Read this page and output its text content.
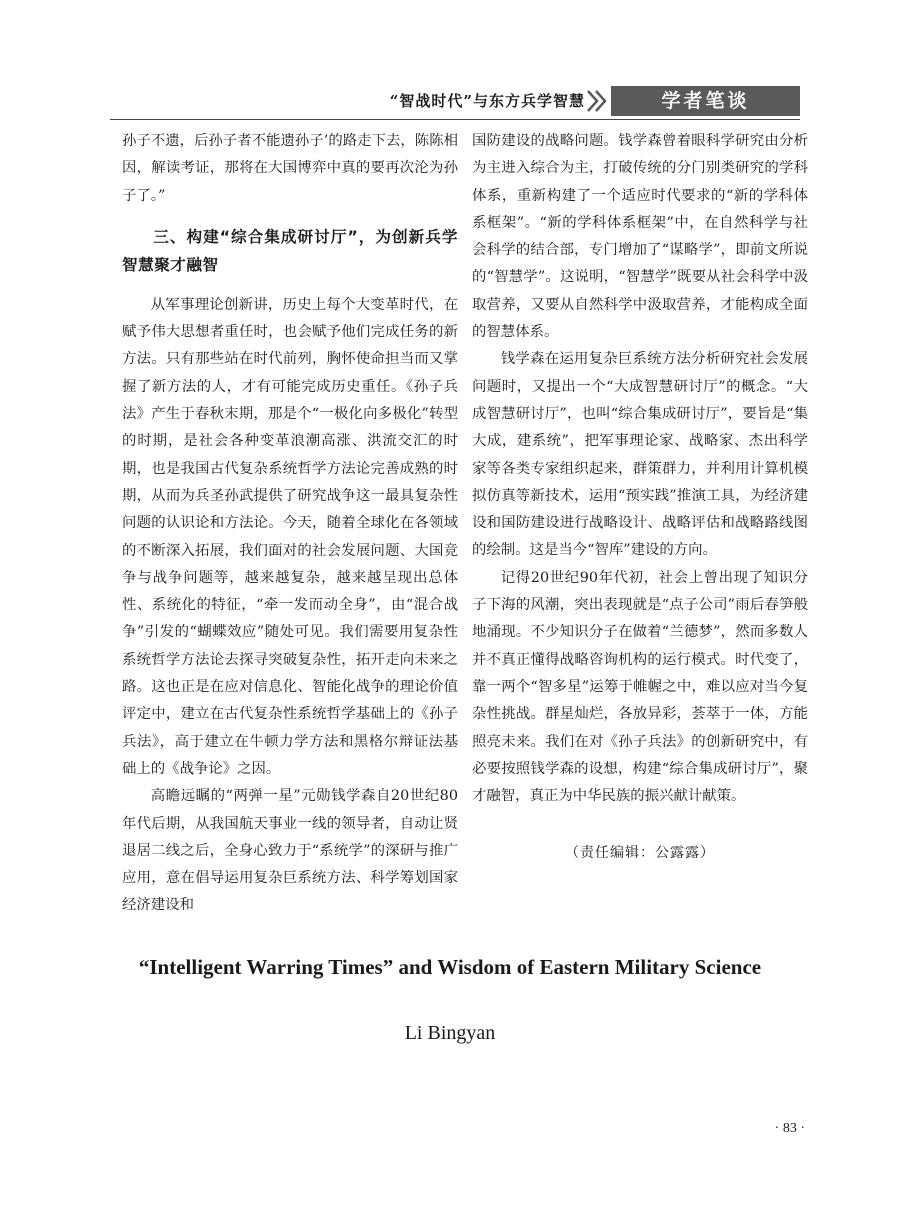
“智战时代”与东方兵学智慧	学者笔谈

孙子不遗，后孙子者不能遗孙子’的路走下去，陈陈相因，解读考证，那将在大国博弈中真的要再次沦为孙子了。”

三、构建“综合集成研讨厅”，为创新兵学智慧聚才融智

从军事理论创新讲，历史上每个大变革时代，在赋予伟大思想者重任时，也会赋予他们完成任务的新方法。只有那些站在时代前列，胸怀使命担当而又掌握了新方法的人，才有可能完成历史重任。《孙子兵法》产生于春秋末期，那是个“一极化向多极化”转型的时期，是社会各种变革浪潮高涨、洪流交汇的时期，也是我国古代复杂系统哲学方法论完善成熟的时期，从而为兵圣孙武提供了研究战争这一最具复杂性问题的认识论和方法论。今天，随着全球化在各领域的不断深入拓展，我们面对的社会发展问题、大国竞争与战争问题等，越来越复杂，越来越呈现出总体性、系统化的特征，“牵一发而动全身”，由“混合战争”引发的“蝴蝶效应”随处可见。我们需要用复杂性系统哲学方法论去探寻突破复杂性，拓开走向未来之路。这也正是在应对信息化、智能化战争的理论价值评定中，建立在古代复杂性系统哲学基础上的《孙子兵法》，高于建立在牛顿力学方法和黑格尔辩证法基础上的《战争论》之因。

高瞻远瞩的“两弹一星”元勋钱学森自20世纪80年代后期，从我国航天事业一线的领导者，自动让贤退居二线之后，全身心致力于“系统学”的深研与推广应用，意在倡导运用复杂巨系统方法、科学筹划国家经济建设和

国防建设的战略问题。钱学森曾着眼科学研究由分析为主进入综合为主，打破传统的分门别类研究的学科体系，重新构建了一个适应时代要求的“新的学科体系框架”。“新的学科体系框架”中，在自然科学与社会科学的结合部，专门增加了“谋略学”，即前文所说的“智慧学”。这说明，“智慧学”既要从社会科学中汲取营养，又要从自然科学中汲取营养，才能构成全面的智慧体系。

钱学森在运用复杂巨系统方法分析研究社会发展问题时，又提出一个“大成智慧研讨厅”的概念。“大成智慧研讨厅”，也叫“综合集成研讨厅”，要旨是“集大成，建系统”，把军事理论家、战略家、杰出科学家等各类专家组织起来，群策群力，并利用计算机模拟仿真等新技术，运用“预实践”推演工具，为经济建设和国防建设进行战略设计、战略评估和战略路线图的绘制。这是当今“智库”建设的方向。

记得20世纪90年代初，社会上曾出现了知识分子下海的风潮，突出表现就是“点子公司”雨后春笋般地涌现。不少知识分子在做着“兰德梦”，然而多数人并不真正懂得战略咨询机构的运行模式。时代变了，靠一两个“智多星”运筹于帷幄之中，难以应对当今复杂性挑战。群星灿烂，各放异彩，荟萃于一体，方能照亮未来。我们在对《孙子兵法》的创新研究中，有必要按照钱学森的设想，构建“综合集成研讨厅”，聚才融智，真正为中华民族的振兴献计献策。

（责任编辑：公露露）

“Intelligent Warring Times” and Wisdom of Eastern Military Science
Li Bingyan
· 83 ·
